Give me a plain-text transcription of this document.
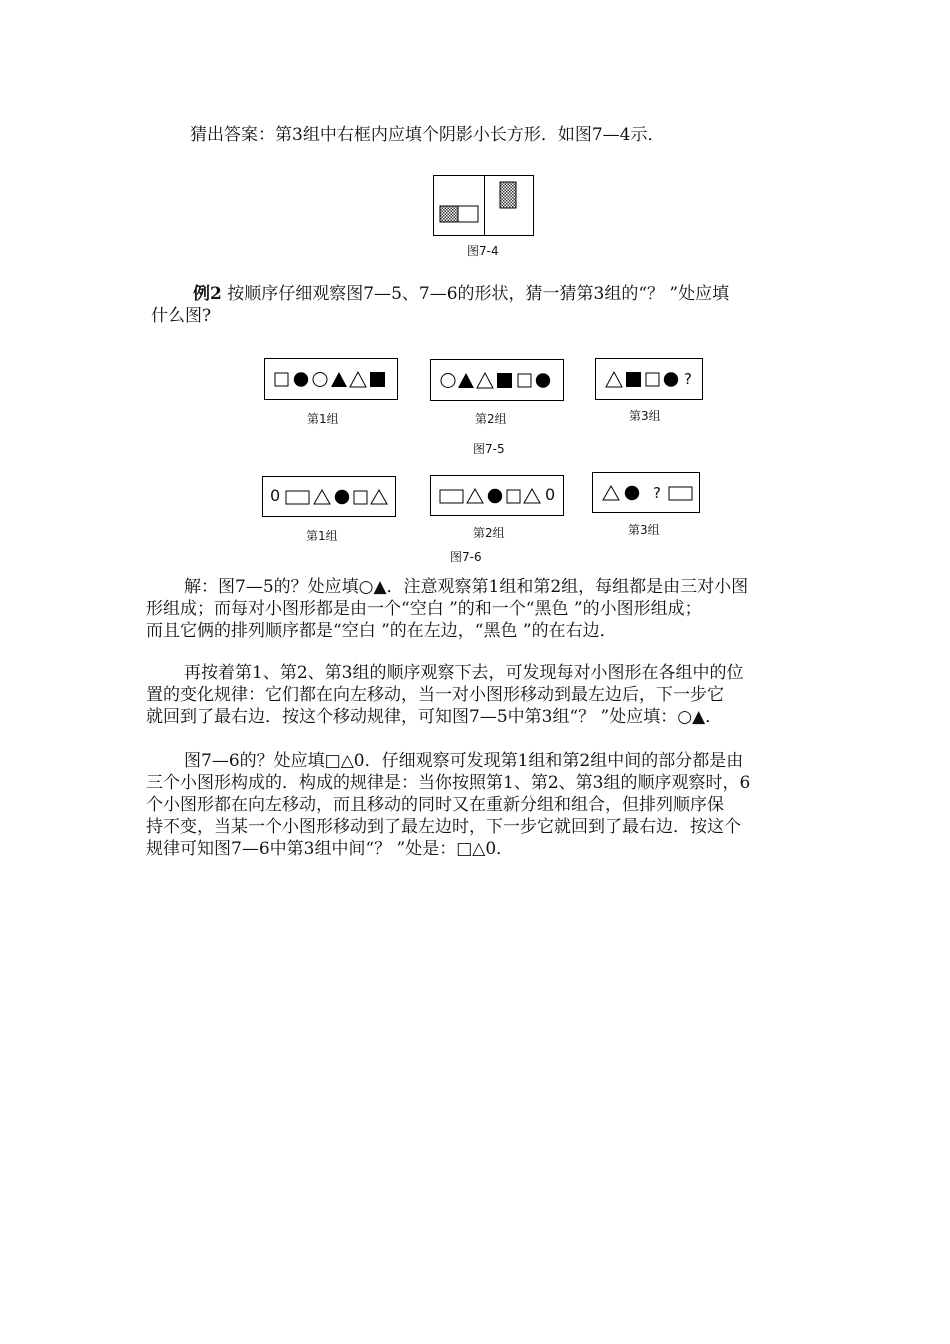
猜出答案：第3组中右框内应填个阴影小长方形．如图7—4示．
图7-4
例2 按顺序仔细观察图7—5、7—6的形状，猜一猜第3组的“？ ”处应填
什么图?
?
第1组	第2组	第3组
图7-5
0	0	?
第1组	第2组	第3组
图7-6
解：图7—5的？处应填○▲．注意观察第1组和第2组，每组都是由三对小图
形组成；而每对小图形都是由一个“空白 ”的和一个“黑色 ”的小图形组成；
而且它俩的排列顺序都是“空白 ”的在左边，“黑色 ”的在右边．
再按着第1、第2、第3组的顺序观察下去，可发现每对小图形在各组中的位
置的变化规律：它们都在向左移动，当一对小图形移动到最左边后，下一步它
就回到了最右边．按这个移动规律，可知图7—5中第3组“？ ”处应填：○▲．
图7—6的？处应填□△0．仔细观察可发现第1组和第2组中间的部分都是由
三个小图形构成的．构成的规律是：当你按照第1、第2、第3组的顺序观察时，6
个小图形都在向左移动，而且移动的同时又在重新分组和组合，但排列顺序保
持不变，当某一个小图形移动到了最左边时，下一步它就回到了最右边．按这个
规律可知图7—6中第3组中间“？ ”处是：□△0．
